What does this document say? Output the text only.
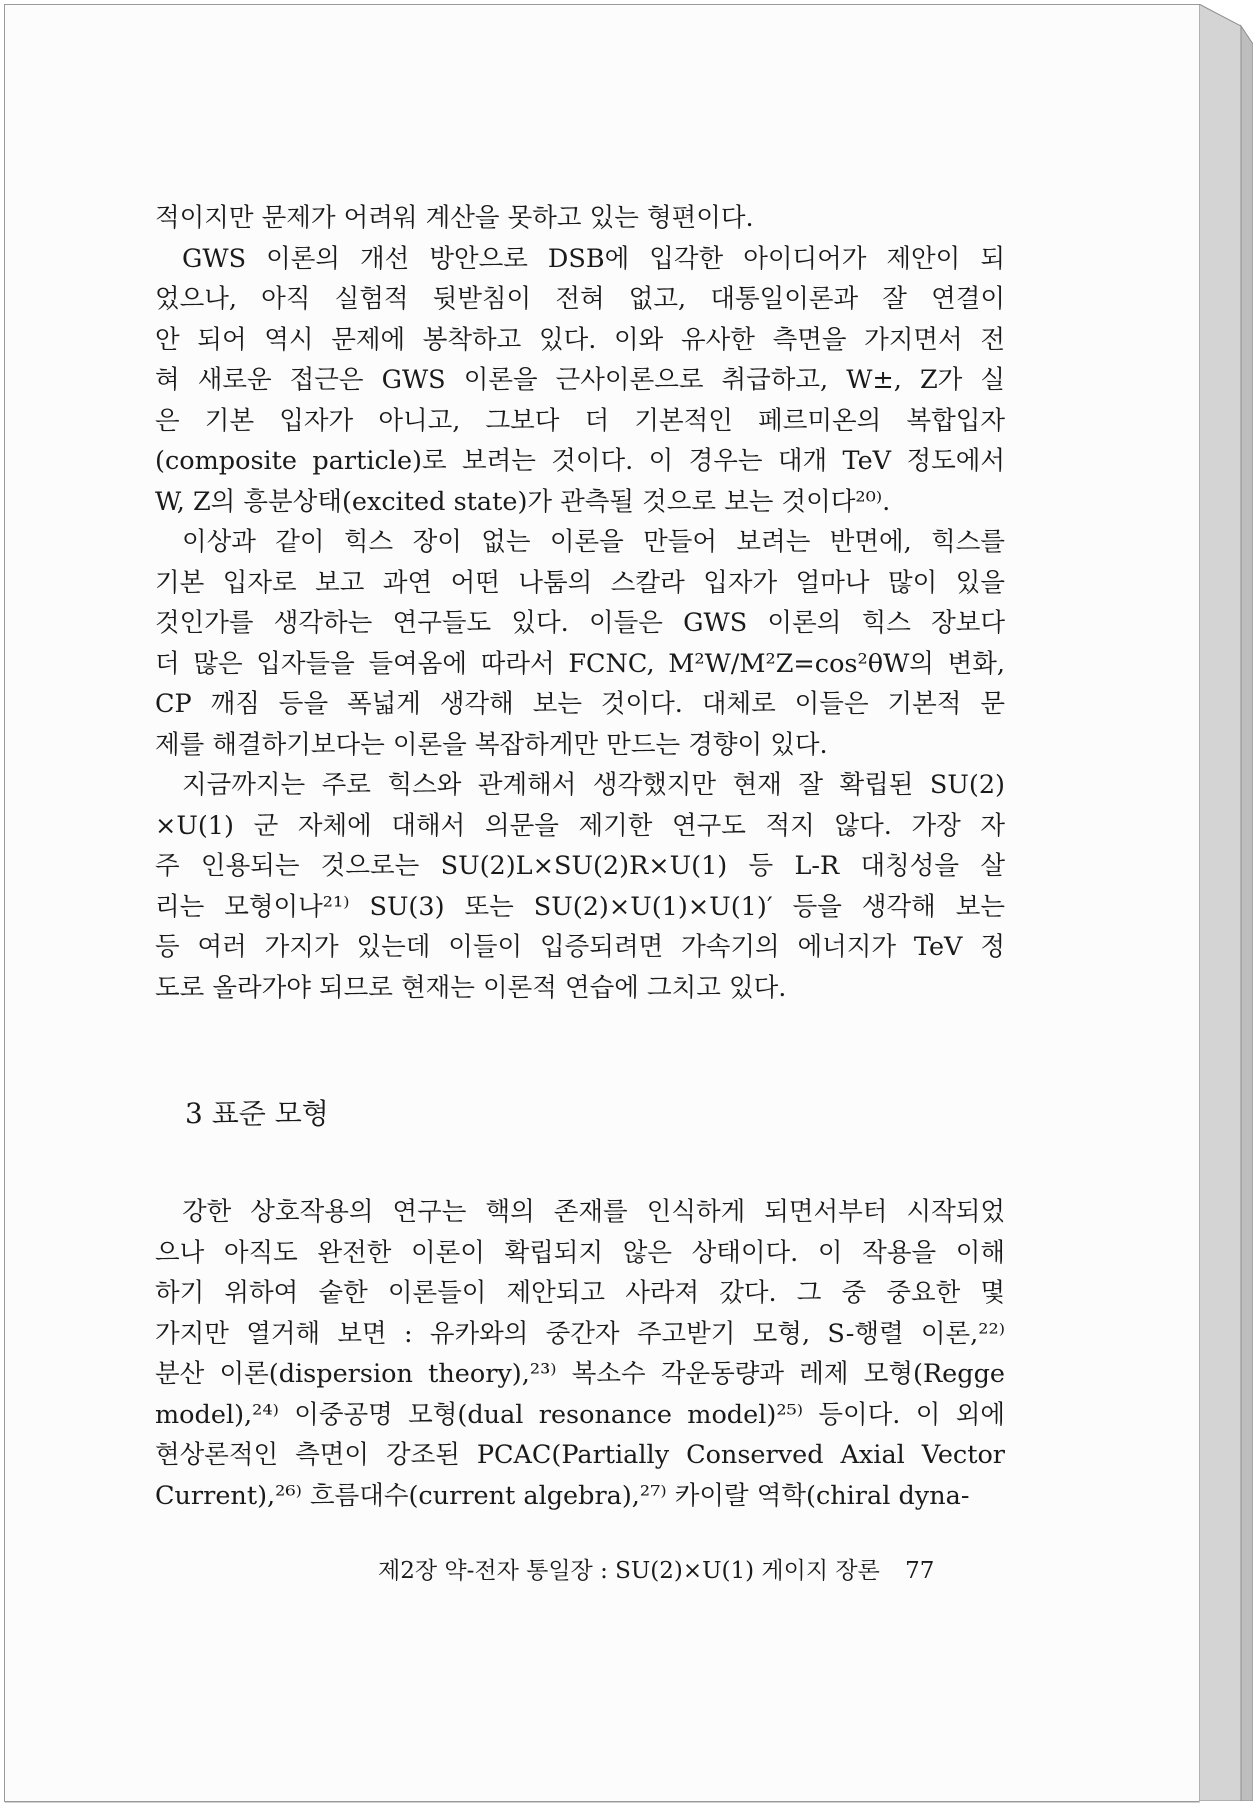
적이지만 문제가 어려워 계산을 못하고 있는 형편이다.
GWS 이론의 개선 방안으로 DSB에 입각한 아이디어가 제안이 되
었으나, 아직 실험적 뒷받침이 전혀 없고, 대통일이론과 잘 연결이
안 되어 역시 문제에 봉착하고 있다. 이와 유사한 측면을 가지면서 전
혀 새로운 접근은 GWS 이론을 근사이론으로 취급하고, W±, Z가 실
은 기본 입자가 아니고, 그보다 더 기본적인 페르미온의 복합입자
(composite particle)로 보려는 것이다. 이 경우는 대개 TeV 정도에서
W, Z의 흥분상태(excited state)가 관측될 것으로 보는 것이다²⁰⁾.
이상과 같이 힉스 장이 없는 이론을 만들어 보려는 반면에, 힉스를
기본 입자로 보고 과연 어떤 나툼의 스칼라 입자가 얼마나 많이 있을
것인가를 생각하는 연구들도 있다. 이들은 GWS 이론의 힉스 장보다
더 많은 입자들을 들여옴에 따라서 FCNC, M²W/M²Z=cos²θW의 변화,
CP 깨짐 등을 폭넓게 생각해 보는 것이다. 대체로 이들은 기본적 문
제를 해결하기보다는 이론을 복잡하게만 만드는 경향이 있다.
지금까지는 주로 힉스와 관계해서 생각했지만 현재 잘 확립된 SU(2)
×U(1) 군 자체에 대해서 의문을 제기한 연구도 적지 않다. 가장 자
주 인용되는 것으로는 SU(2)L×SU(2)R×U(1) 등 L-R 대칭성을 살
리는 모형이나²¹⁾ SU(3) 또는 SU(2)×U(1)×U(1)′ 등을 생각해 보는
등 여러 가지가 있는데 이들이 입증되려면 가속기의 에너지가 TeV 정
도로 올라가야 되므로 현재는 이론적 연습에 그치고 있다.
3 표준 모형
강한 상호작용의 연구는 핵의 존재를 인식하게 되면서부터 시작되었
으나 아직도 완전한 이론이 확립되지 않은 상태이다. 이 작용을 이해
하기 위하여 숱한 이론들이 제안되고 사라져 갔다. 그 중 중요한 몇
가지만 열거해 보면 : 유카와의 중간자 주고받기 모형, S-행렬 이론,²²⁾
분산 이론(dispersion theory),²³⁾ 복소수 각운동량과 레제 모형(Regge
model),²⁴⁾ 이중공명 모형(dual resonance model)²⁵⁾ 등이다. 이 외에
현상론적인 측면이 강조된 PCAC(Partially Conserved Axial Vector
Current),²⁶⁾ 흐름대수(current algebra),²⁷⁾ 카이랄 역학(chiral dyna-
제2장 약-전자 통일장 : SU(2)×U(1) 게이지 장론 77
